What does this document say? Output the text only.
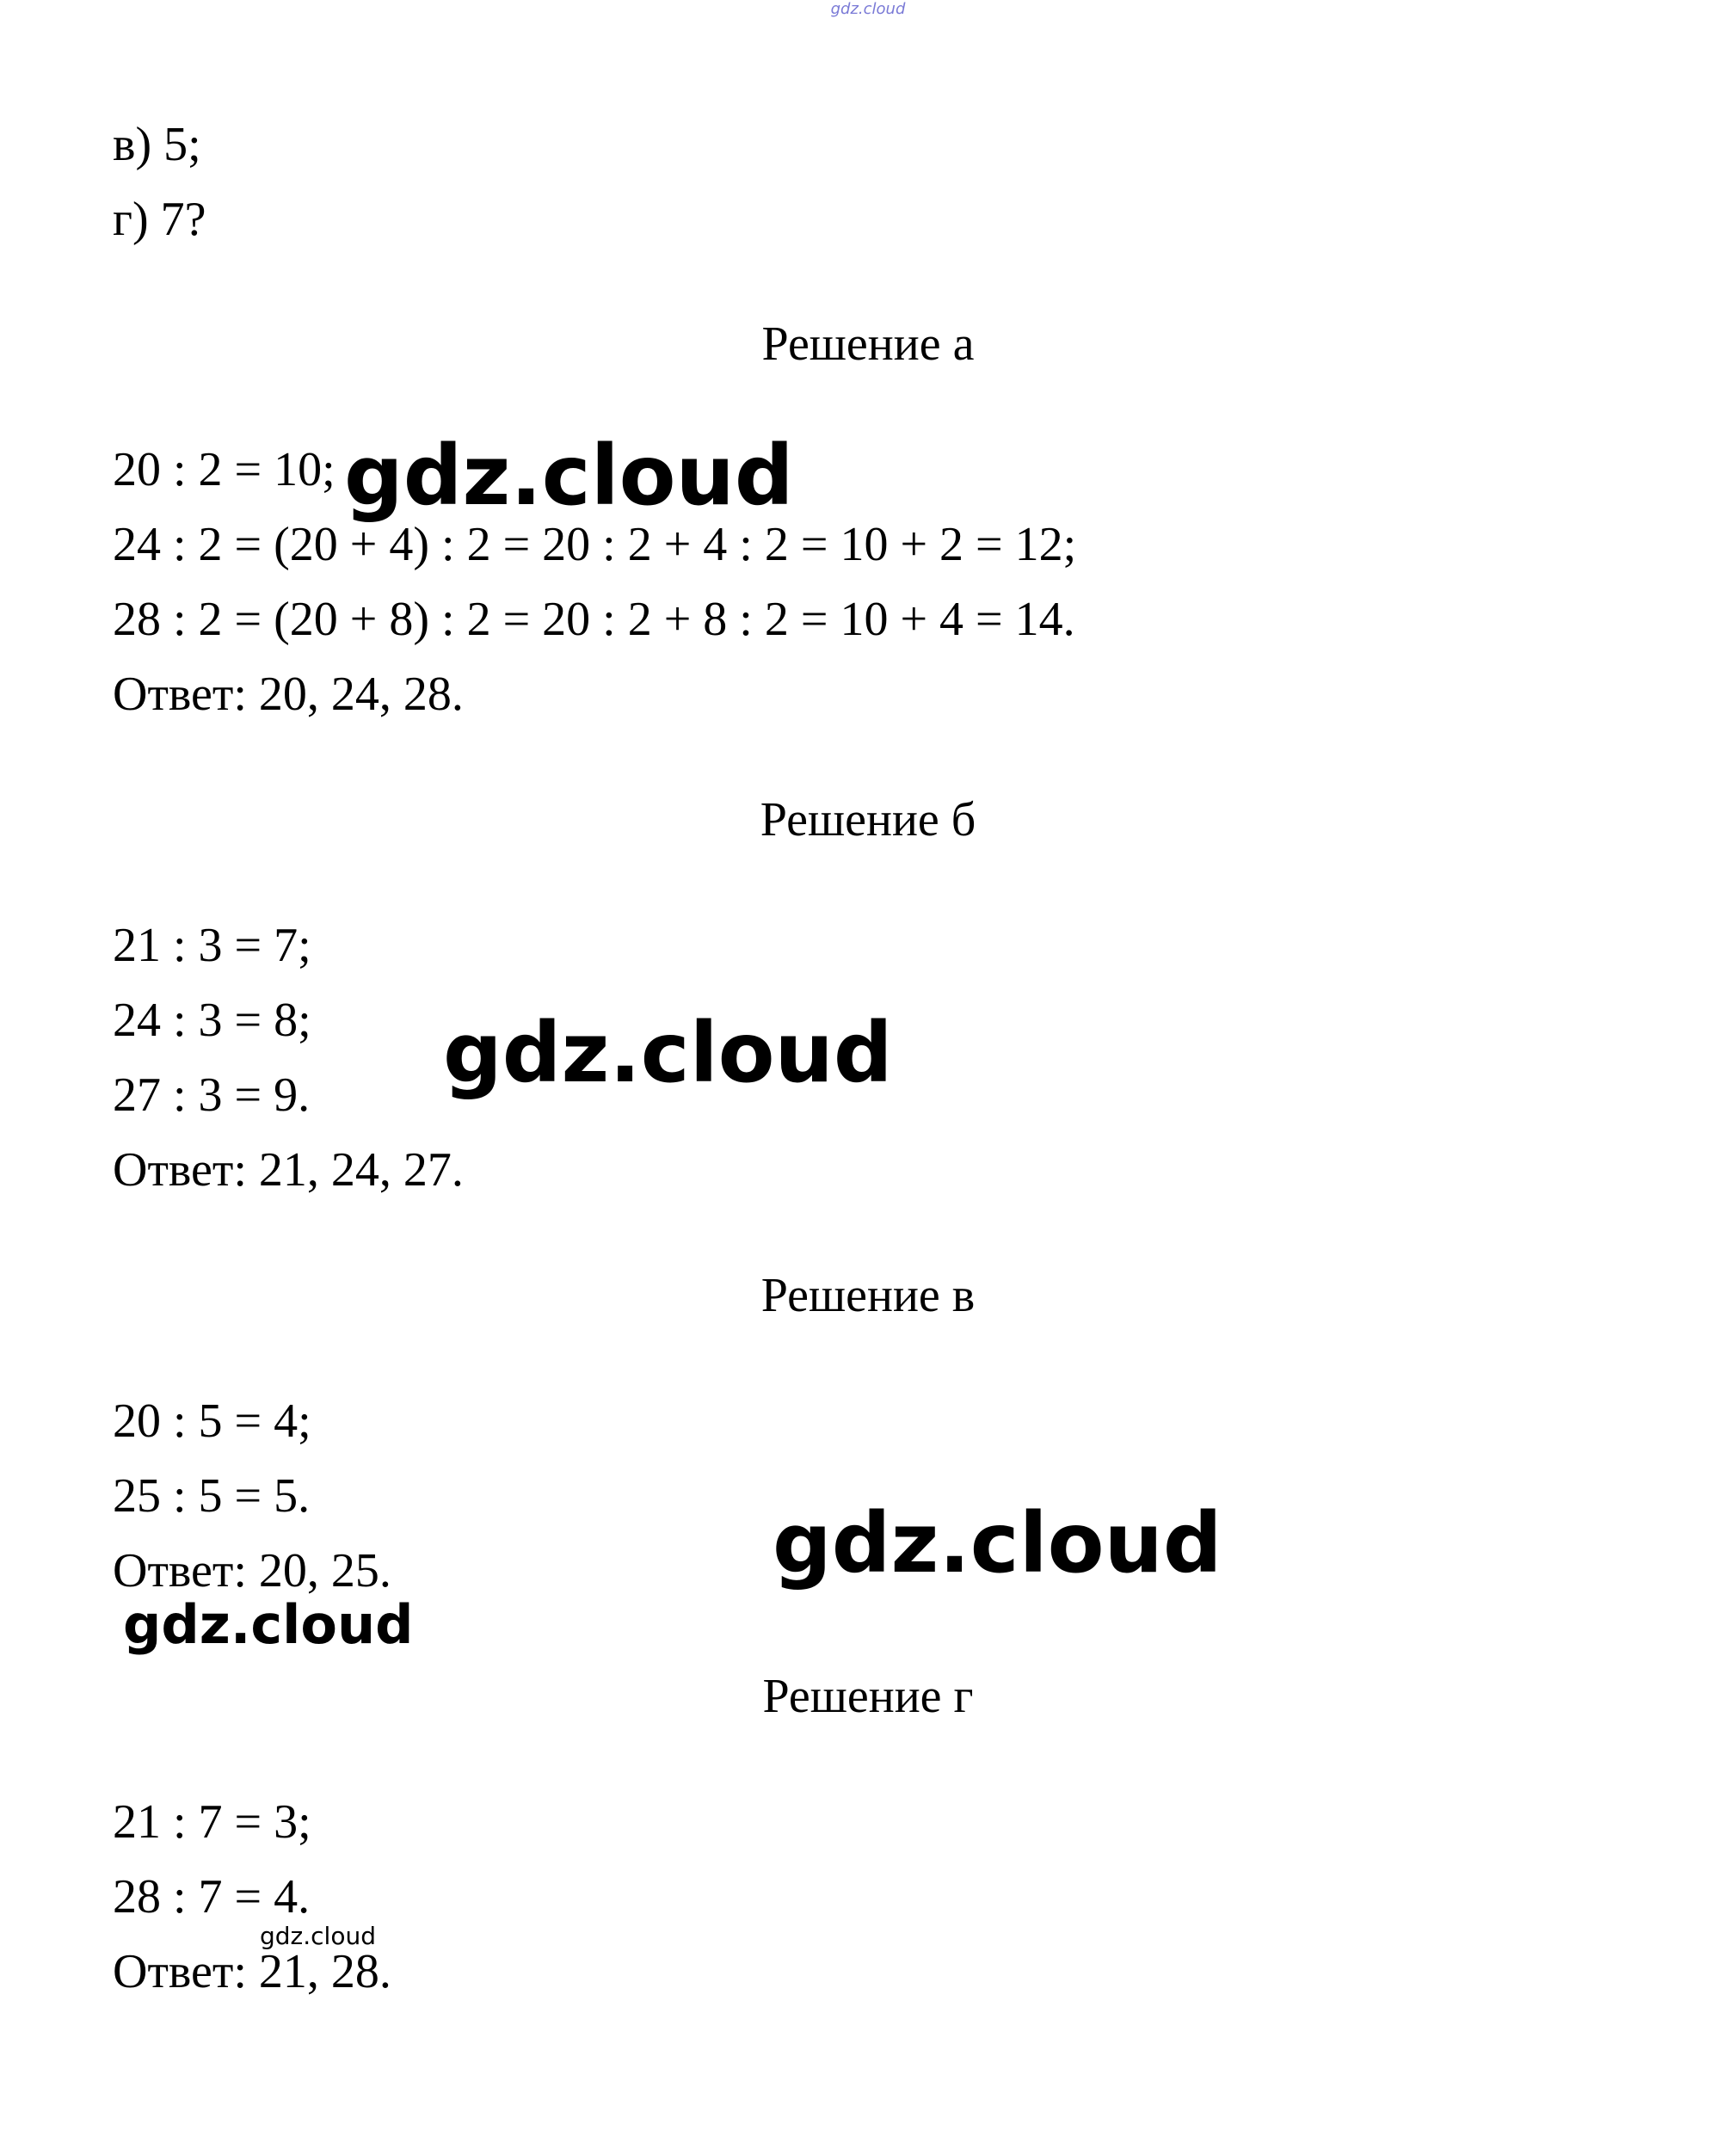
gdz.cloud
в) 5;
г) 7?
Решение а
20 : 2 = 10;
24 : 2 = (20 + 4) : 2 = 20 : 2 + 4 : 2 = 10 + 2 = 12;
28 : 2 = (20 + 8) : 2 = 20 : 2 + 8 : 2 = 10 + 4 = 14.
Ответ: 20, 24, 28.
Решение б
21 : 3 = 7;
24 : 3 = 8;
27 : 3 = 9.
Ответ: 21, 24, 27.
Решение в
20 : 5 = 4;
25 : 5 = 5.
Ответ: 20, 25.
Решение г
21 : 7 = 3;
28 : 7 = 4.
Ответ: 21, 28.
gdz.cloud
gdz.cloud
gdz.cloud
gdz.cloud
gdz.cloud
